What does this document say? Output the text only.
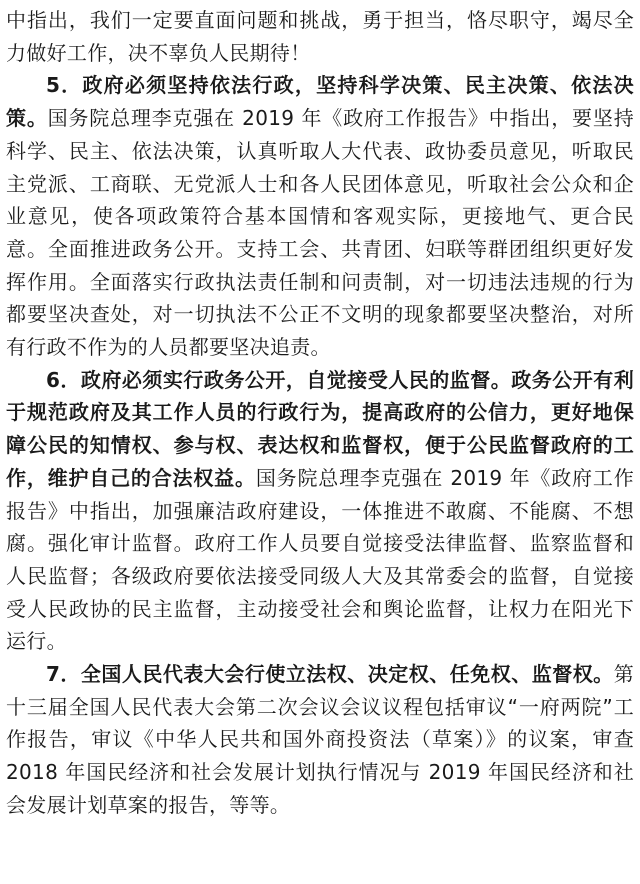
中指出，我们一定要直面问题和挑战，勇于担当，恪尽职守，竭尽全力做好工作，决不辜负人民期待！

5．政府必须坚持依法行政，坚持科学决策、民主决策、依法决策。国务院总理李克强在 2019 年《政府工作报告》中指出，要坚持科学、民主、依法决策，认真听取人大代表、政协委员意见，听取民主党派、工商联、无党派人士和各人民团体意见，听取社会公众和企业意见，使各项政策符合基本国情和客观实际，更接地气、更合民意。全面推进政务公开。支持工会、共青团、妇联等群团组织更好发挥作用。全面落实行政执法责任制和问责制，对一切违法违规的行为都要坚决查处，对一切执法不公正不文明的现象都要坚决整治，对所有行政不作为的人员都要坚决追责。

6．政府必须实行政务公开，自觉接受人民的监督。政务公开有利于规范政府及其工作人员的行政行为，提高政府的公信力，更好地保障公民的知情权、参与权、表达权和监督权，便于公民监督政府的工作，维护自己的合法权益。国务院总理李克强在 2019 年《政府工作报告》中指出，加强廉洁政府建设，一体推进不敢腐、不能腐、不想腐。强化审计监督。政府工作人员要自觉接受法律监督、监察监督和人民监督；各级政府要依法接受同级人大及其常委会的监督，自觉接受人民政协的民主监督，主动接受社会和舆论监督，让权力在阳光下运行。

7．全国人民代表大会行使立法权、决定权、任免权、监督权。第十三届全国人民代表大会第二次会议会议议程包括审议“一府两院”工作报告，审议《中华人民共和国外商投资法（草案）》的议案，审查 2018 年国民经济和社会发展计划执行情况与 2019 年国民经济和社会发展计划草案的报告，等等。
